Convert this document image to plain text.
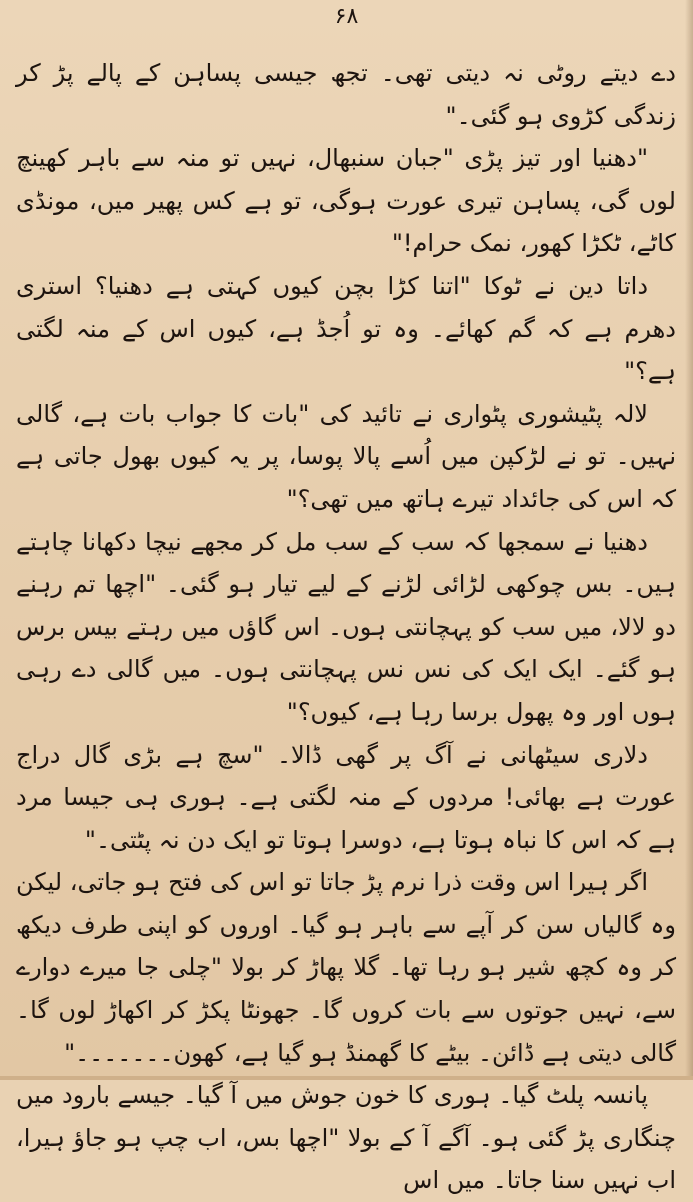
۶۸

دے دیتے روٹی نہ دیتی تھی۔ تجھ جیسی پساہن کے پالے پڑ کر زندگی کڑوی ہو گئی۔"

"دھنیا اور تیز پڑی "جبان سنبھال، نہیں تو منہ سے باہر کھینچ لوں گی، پساہن تیری عورت ہوگی، تو ہے کس پھیر میں، مونڈی کاٹے، ٹکڑا کھور، نمک حرام!"

داتا دین نے ٹوکا "اتنا کڑا بچن کیوں کہتی ہے دھنیا؟ استری دھرم ہے کہ گم کھائے۔ وہ تو اُجڈ ہے، کیوں اس کے منہ لگتی ہے؟"

لالہ پٹیشوری پٹواری نے تائید کی "بات کا جواب بات ہے، گالی نہیں۔ تو نے لڑکپن میں اُسے پالا پوسا، پر یہ کیوں بھول جاتی ہے کہ اس کی جائداد تیرے ہاتھ میں تھی؟"

دھنیا نے سمجھا کہ سب کے سب مل کر مجھے نیچا دکھانا چاہتے ہیں۔ بس چوکھی لڑائی لڑنے کے لیے تیار ہو گئی۔ "اچھا تم رہنے دو لالا، میں سب کو پہچانتی ہوں۔ اس گاؤں میں رہتے بیس برس ہو گئے۔ ایک ایک کی نس نس پہچانتی ہوں۔ میں گالی دے رہی ہوں اور وہ پھول برسا رہا ہے، کیوں؟"

دلاری سیٹھانی نے آگ پر گھی ڈالا۔ "سچ ہے بڑی گال دراج عورت ہے بھائی! مردوں کے منہ لگتی ہے۔ ہوری ہی جیسا مرد ہے کہ اس کا نباہ ہوتا ہے، دوسرا ہوتا تو ایک دن نہ پٹتی۔"

اگر ہیرا اس وقت ذرا نرم پڑ جاتا تو اس کی فتح ہو جاتی، لیکن وہ گالیاں سن کر آپے سے باہر ہو گیا۔ اوروں کو اپنی طرف دیکھ کر وہ کچھ شیر ہو رہا تھا۔ گلا پھاڑ کر بولا "چلی جا میرے دوارے سے، نہیں جوتوں سے بات کروں گا۔ جھونٹا پکڑ کر اکھاڑ لوں گا۔ گالی دیتی ہے ڈائن۔ بیٹے کا گھمنڈ ہو گیا ہے، کھون۔۔۔۔۔۔۔"

پانسہ پلٹ گیا۔ ہوری کا خون جوش میں آ گیا۔ جیسے بارود میں چنگاری پڑ گئی ہو۔ آگے آ کے بولا "اچھا بس، اب چپ ہو جاؤ ہیرا، اب نہیں سنا جاتا۔ میں اس
